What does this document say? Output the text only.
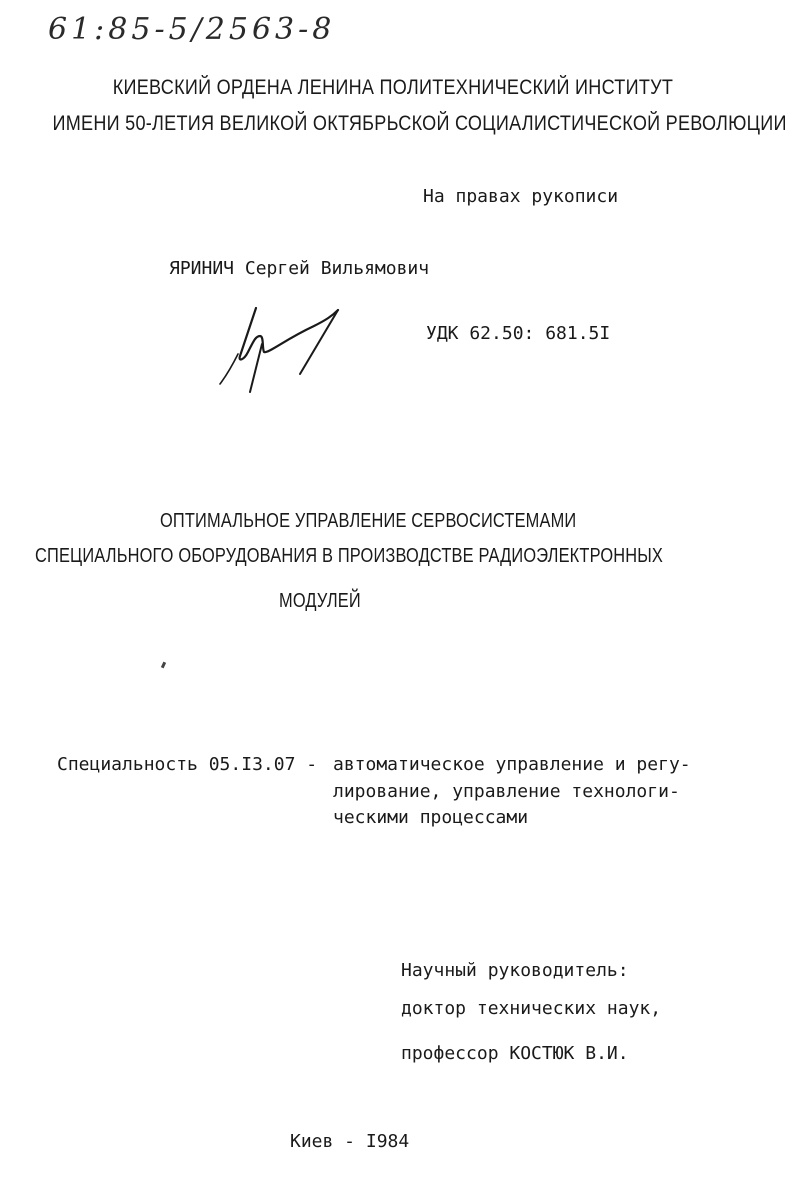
61:85-5/2563-8
КИЕВСКИЙ ОРДЕНА ЛЕНИНА ПОЛИТЕХНИЧЕСКИЙ ИНСТИТУТ
ИМЕНИ 50-ЛЕТИЯ ВЕЛИКОЙ ОКТЯБРЬСКОЙ СОЦИАЛИСТИЧЕСКОЙ РЕВОЛЮЦИИ
На правах рукописи
ЯРИНИЧ Сергей Вильямович
УДК 62.50: 681.5I
ОПТИМАЛЬНОЕ УПРАВЛЕНИЕ СЕРВОСИСТЕМАМИ
СПЕЦИАЛЬНОГО ОБОРУДОВАНИЯ В ПРОИЗВОДСТВЕ РАДИОЭЛЕКТРОННЫХ
МОДУЛЕЙ
Специальность 05.I3.07 - автоматическое управление и регу-
лирование, управление технологи-
ческими процессами
Научный руководитель:
доктор технических наук,
профессор КОСТЮК В.И.
Киев - I984
